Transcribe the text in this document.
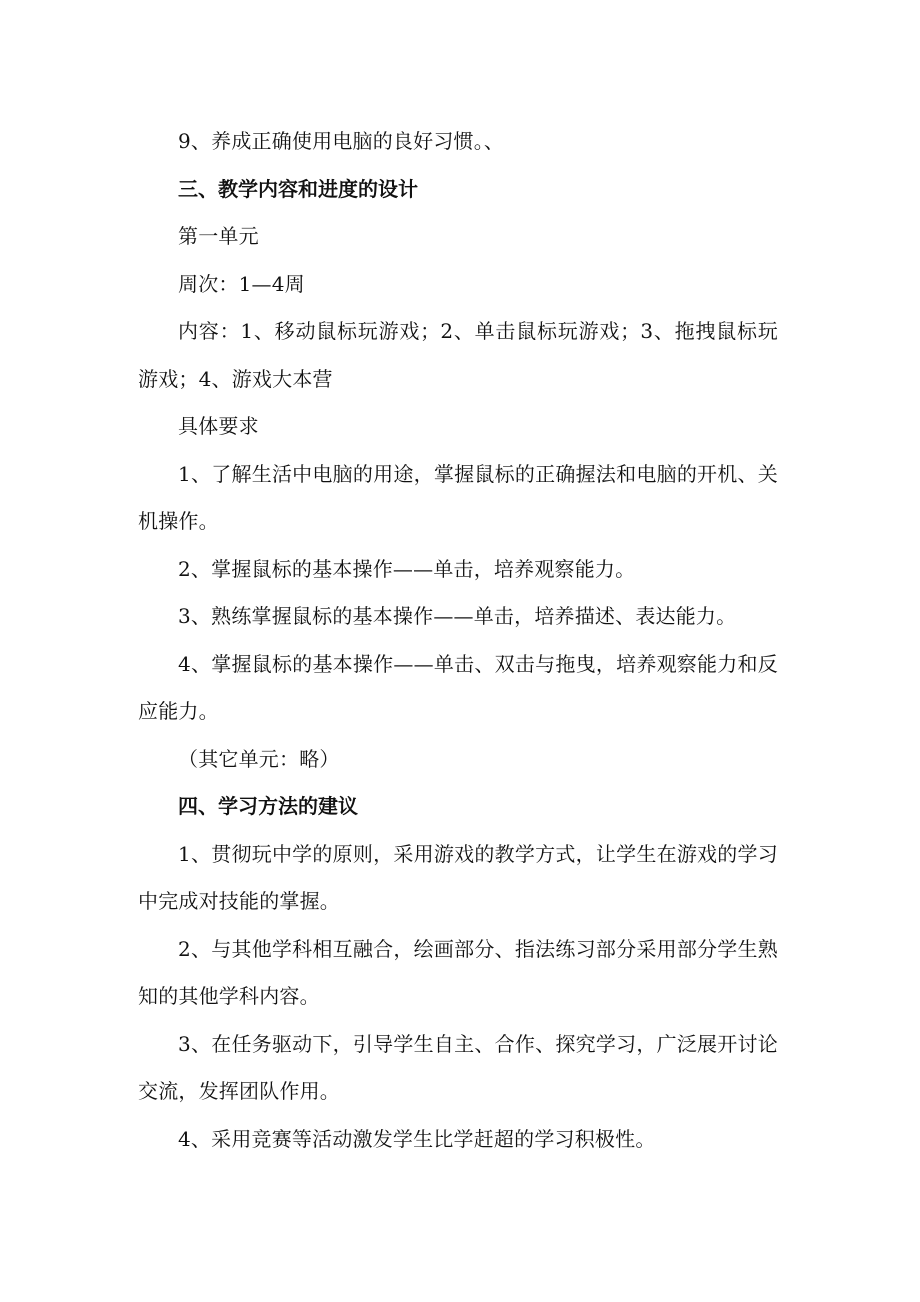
9、养成正确使用电脑的良好习惯。、

三、教学内容和进度的设计

第一单元

周次：1—4周

内容：1、移动鼠标玩游戏；2、单击鼠标玩游戏；3、拖拽鼠标玩游戏；4、游戏大本营

具体要求

1、了解生活中电脑的用途，掌握鼠标的正确握法和电脑的开机、关机操作。

2、掌握鼠标的基本操作——单击，培养观察能力。

3、熟练掌握鼠标的基本操作——单击，培养描述、表达能力。

4、掌握鼠标的基本操作——单击、双击与拖曳，培养观察能力和反应能力。

（其它单元：略）

四、学习方法的建议

1、贯彻玩中学的原则，采用游戏的教学方式，让学生在游戏的学习中完成对技能的掌握。

2、与其他学科相互融合，绘画部分、指法练习部分采用部分学生熟知的其他学科内容。

3、在任务驱动下，引导学生自主、合作、探究学习，广泛展开讨论交流，发挥团队作用。

4、采用竞赛等活动激发学生比学赶超的学习积极性。
